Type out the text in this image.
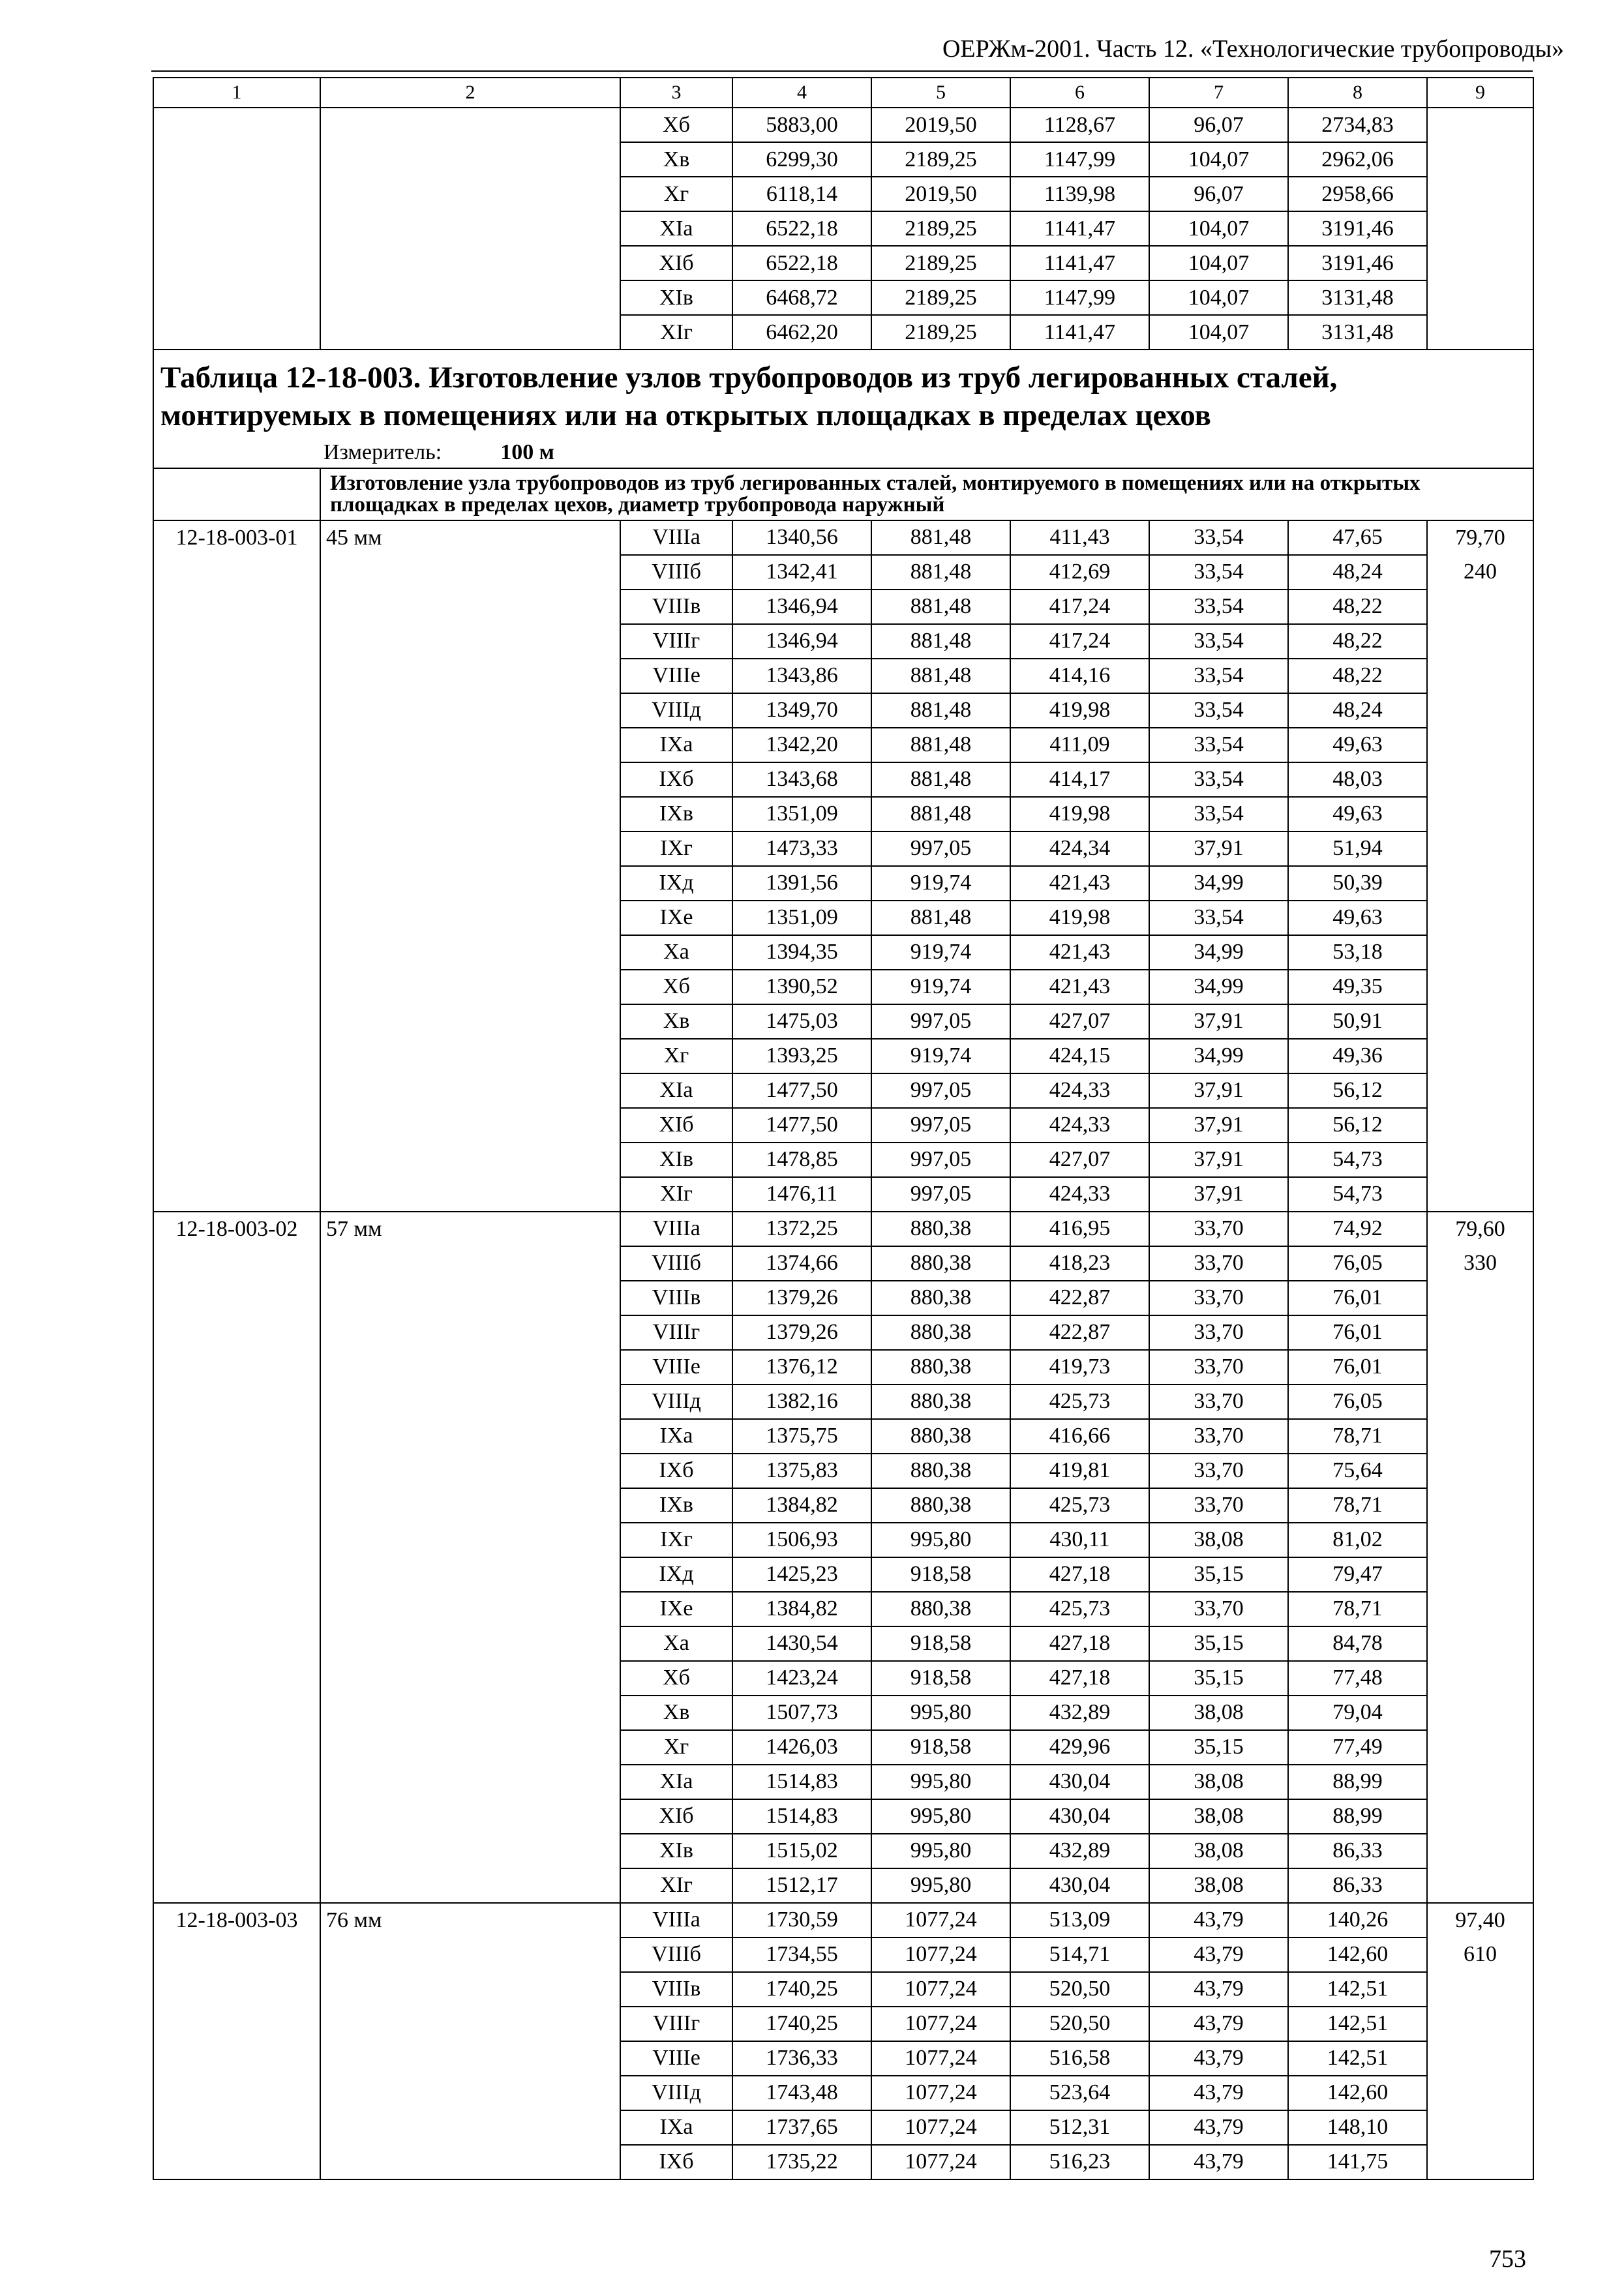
ОЕРЖм-2001. Часть 12. «Технологические трубопроводы»
1	2	3	4	5	6	7	8	9
		Xб	5883,00	2019,50	1128,67	96,07	2734,83	
		Xв	6299,30	2189,25	1147,99	104,07	2962,06	
		Xг	6118,14	2019,50	1139,98	96,07	2958,66	
		XIа	6522,18	2189,25	1141,47	104,07	3191,46	
		XIб	6522,18	2189,25	1141,47	104,07	3191,46	
		XIв	6468,72	2189,25	1147,99	104,07	3131,48	
		XIг	6462,20	2189,25	1141,47	104,07	3131,48	

Таблица 12-18-003. Изготовление узлов трубопроводов из труб легированных сталей, монтируемых в помещениях или на открытых площадках в пределах цехов
Измеритель: 100 м								

	Изготовление узла трубопроводов из труб легированных сталей, монтируемого в помещениях или на открытых площадках в пределах цехов, диаметр трубопровода наружный							
12-18-003-01	45 мм	VIIIа	1340,56	881,48	411,43	33,54	47,65	79,70
		VIIIб	1342,41	881,48	412,69	33,54	48,24	240
		VIIIв	1346,94	881,48	417,24	33,54	48,22	
		VIIIг	1346,94	881,48	417,24	33,54	48,22	
		VIIIе	1343,86	881,48	414,16	33,54	48,22	
		VIIIд	1349,70	881,48	419,98	33,54	48,24	
		IXа	1342,20	881,48	411,09	33,54	49,63	
		IXб	1343,68	881,48	414,17	33,54	48,03	
		IXв	1351,09	881,48	419,98	33,54	49,63	
		IXг	1473,33	997,05	424,34	37,91	51,94	
		IXд	1391,56	919,74	421,43	34,99	50,39	
		IXе	1351,09	881,48	419,98	33,54	49,63	
		Xа	1394,35	919,74	421,43	34,99	53,18	
		Xб	1390,52	919,74	421,43	34,99	49,35	
		Xв	1475,03	997,05	427,07	37,91	50,91	
		Xг	1393,25	919,74	424,15	34,99	49,36	
		XIа	1477,50	997,05	424,33	37,91	56,12	
		XIб	1477,50	997,05	424,33	37,91	56,12	
		XIв	1478,85	997,05	427,07	37,91	54,73	
		XIг	1476,11	997,05	424,33	37,91	54,73	
12-18-003-02	57 мм	VIIIа	1372,25	880,38	416,95	33,70	74,92	79,60
		VIIIб	1374,66	880,38	418,23	33,70	76,05	330
		VIIIв	1379,26	880,38	422,87	33,70	76,01	
		VIIIг	1379,26	880,38	422,87	33,70	76,01	
		VIIIе	1376,12	880,38	419,73	33,70	76,01	
		VIIIд	1382,16	880,38	425,73	33,70	76,05	
		IXа	1375,75	880,38	416,66	33,70	78,71	
		IXб	1375,83	880,38	419,81	33,70	75,64	
		IXв	1384,82	880,38	425,73	33,70	78,71	
		IXг	1506,93	995,80	430,11	38,08	81,02	
		IXд	1425,23	918,58	427,18	35,15	79,47	
		IXе	1384,82	880,38	425,73	33,70	78,71	
		Xа	1430,54	918,58	427,18	35,15	84,78	
		Xб	1423,24	918,58	427,18	35,15	77,48	
		Xв	1507,73	995,80	432,89	38,08	79,04	
		Xг	1426,03	918,58	429,96	35,15	77,49	
		XIа	1514,83	995,80	430,04	38,08	88,99	
		XIб	1514,83	995,80	430,04	38,08	88,99	
		XIв	1515,02	995,80	432,89	38,08	86,33	
		XIг	1512,17	995,80	430,04	38,08	86,33	
12-18-003-03	76 мм	VIIIа	1730,59	1077,24	513,09	43,79	140,26	97,40
		VIIIб	1734,55	1077,24	514,71	43,79	142,60	610
		VIIIв	1740,25	1077,24	520,50	43,79	142,51	
		VIIIг	1740,25	1077,24	520,50	43,79	142,51	
		VIIIе	1736,33	1077,24	516,58	43,79	142,51	
		VIIIд	1743,48	1077,24	523,64	43,79	142,60	
		IXа	1737,65	1077,24	512,31	43,79	148,10	
		IXб	1735,22	1077,24	516,23	43,79	141,75	
753
